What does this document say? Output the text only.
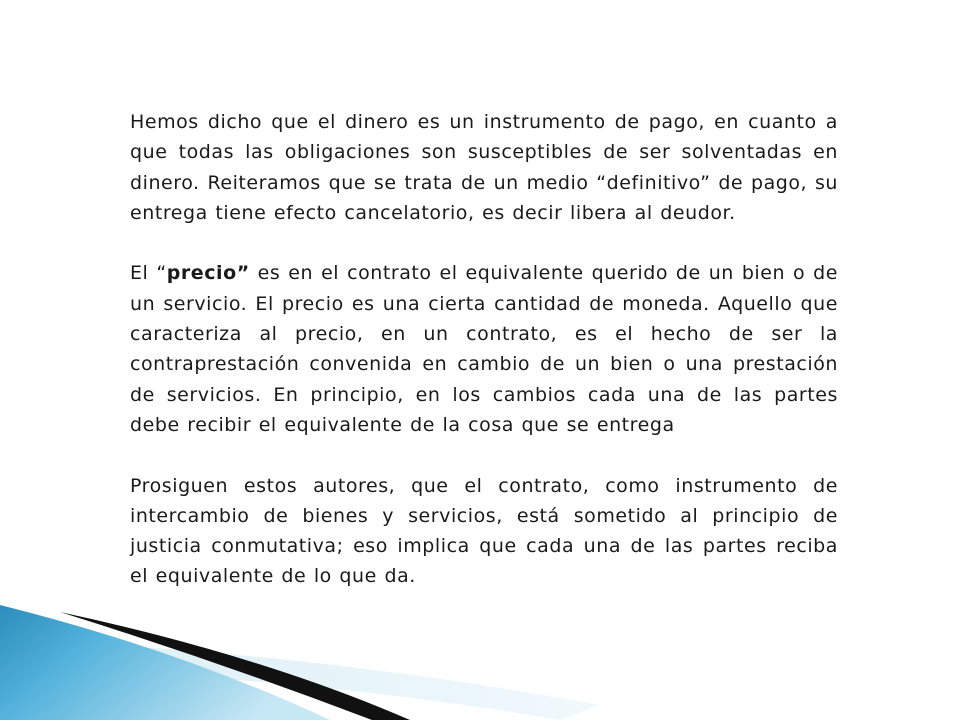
Hemos dicho que el dinero es un instrumento de pago, en cuanto a que todas las obligaciones son susceptibles de ser solventadas en dinero. Reiteramos que se trata de un medio “definitivo” de pago, su entrega tiene efecto cancelatorio, es decir libera al deudor.

El “precio” es en el contrato el equivalente querido de un bien o de un servicio. El precio es una cierta cantidad de moneda. Aquello que caracteriza al precio, en un contrato, es el hecho de ser la contraprestación convenida en cambio de un bien o una prestación de servicios. En principio, en los cambios cada una de las partes debe recibir el equivalente de la cosa que se entrega

Prosiguen estos autores, que el contrato, como instrumento de intercambio de bienes y servicios, está sometido al principio de justicia conmutativa; eso implica que cada una de las partes reciba el equivalente de lo que da.
